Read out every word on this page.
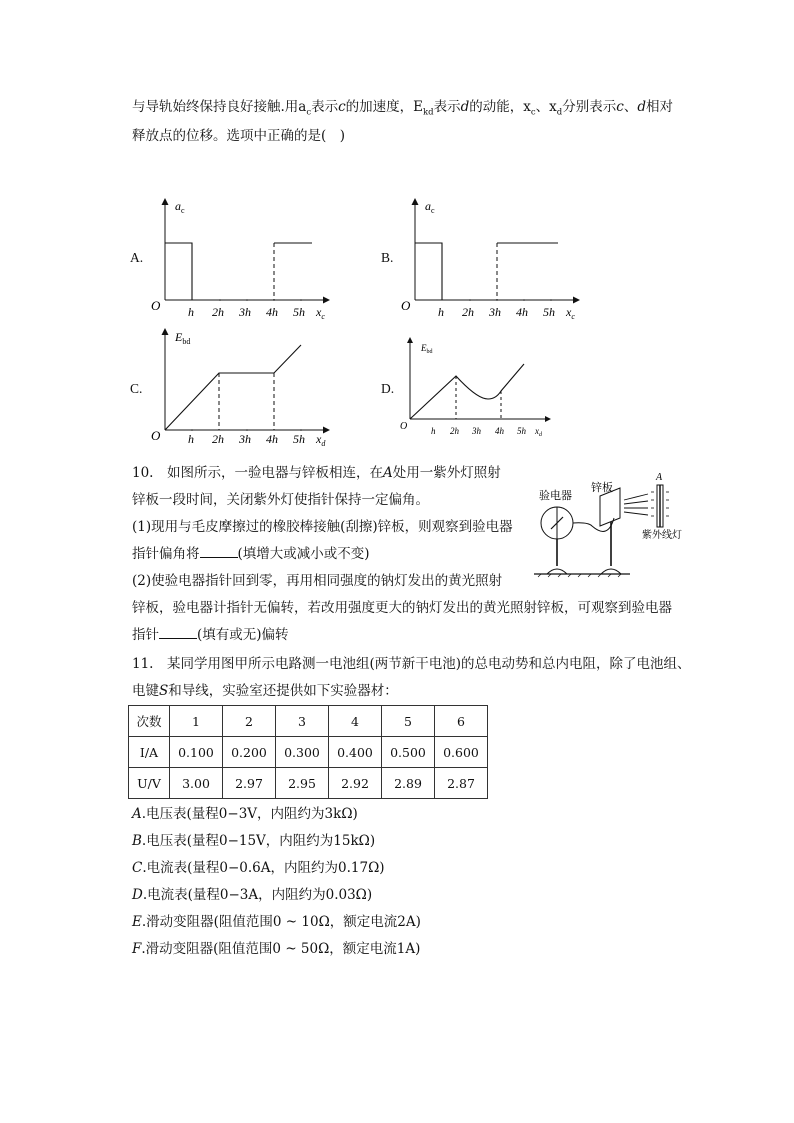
与导轨始终保持良好接触.用$a_c$表示c的加速度，$E_{kd}$表示d的动能，$x_c$、$x_d$分别表示c、d相对
释放点的位移。选项中正确的是(　)
A.	B.
C.	D.
$a_c$
O h 2h 3h 4h 5h $x_c$
$a_c$
O h 2h 3h 4h 5h $x_c$
$E_{bd}$
O h 2h 3h 4h 5h $x_d$
$E_{bd}$
O	h 2h 3h 4h 5h $x_d$
10.　如图所示，一验电器与锌板相连，在A处用一紫外灯照射
锌板一段时间，关闭紫外灯使指针保持一定偏角。
(1)现用与毛皮摩擦过的橡胶棒接触(刮擦)锌板，则观察到验电器
指针偏角将	(填增大或减小或不变)
(2)使验电器指针回到零，再用相同强度的钠灯发出的黄光照射
锌板，验电器计指针无偏转，若改用强度更大的钠灯发出的黄光照射锌板，可观察到验电器
指针	(填有或无)偏转
验电器
锌板
A
紫外线灯
11.　某同学用图甲所示电路测一电池组(两节新干电池)的总电动势和总内电阻，除了电池组、
电键S和导线，实验室还提供如下实验器材：
次数	1	2	3	4	5	6
I/A	0.100	0.200	0.300	0.400	0.500	0.600
U/V	3.00	2.97	2.95	2.92	2.89	2.87
A.电压表(量程0−3V，内阻约为3kΩ)
B.电压表(量程0−15V，内阻约为15kΩ)
C.电流表(量程0−0.6A，内阻约为0.17Ω)
D.电流表(量程0−3A，内阻约为0.03Ω)
E.滑动变阻器(阻值范围0 ~ 10Ω，额定电流2A)
F.滑动变阻器(阻值范围0 ~ 50Ω，额定电流1A)
